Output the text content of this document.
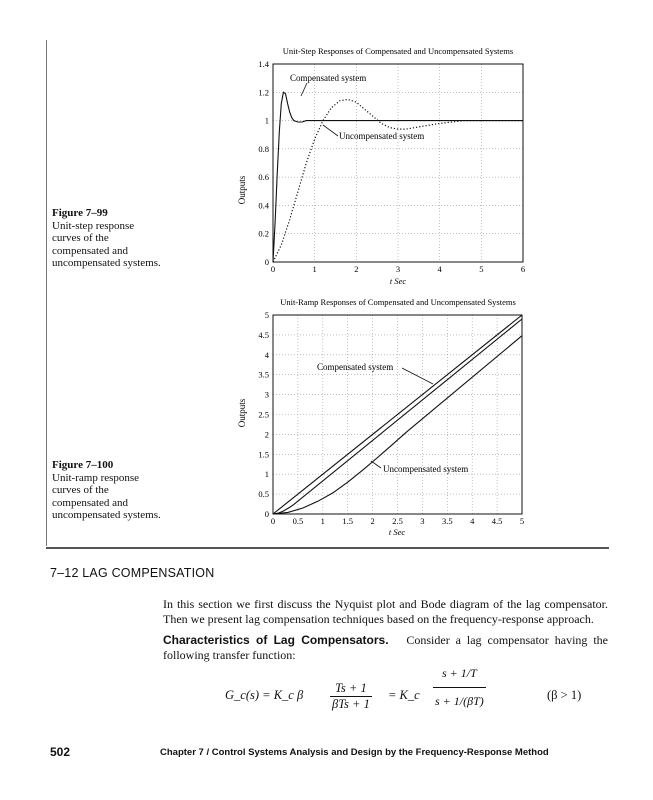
Figure 7–99
Unit-step response curves of the compensated and uncompensated systems.
Figure 7–100
Unit-ramp response curves of the compensated and uncompensated systems.
Unit-Step Responses of Compensated and Uncompensated Systems
0	1	2	3	4	5	6
0
0.2
0.4
0.6
0.8
1
1.2
1.4
Outputs
t Sec
Compensated system
Uncompensated system
Unit-Ramp Responses of Compensated and Uncompensated Systems
0 0.5 1 1.5 2 2.5 3 3.5 4 4.5 5
0
0.5
1
1.5
2
2.5
3
3.5
4
4.5
5
Outputs
t Sec
Compensated system
Uncompensated system
7–12 LAG COMPENSATION
In this section we first discuss the Nyquist plot and Bode diagram of the lag compensator. Then we present lag compensation techniques based on the frequency-response approach.
Characteristics of Lag Compensators. Consider a lag compensator having the following transfer function:
G_c(s) = K_c β	Ts + 1
βTs + 1
= K_c $\frac{s + 1/T}{s + 1/(\beta T)}$	(β > 1)
502	Chapter 7 / Control Systems Analysis and Design by the Frequency-Response Method
